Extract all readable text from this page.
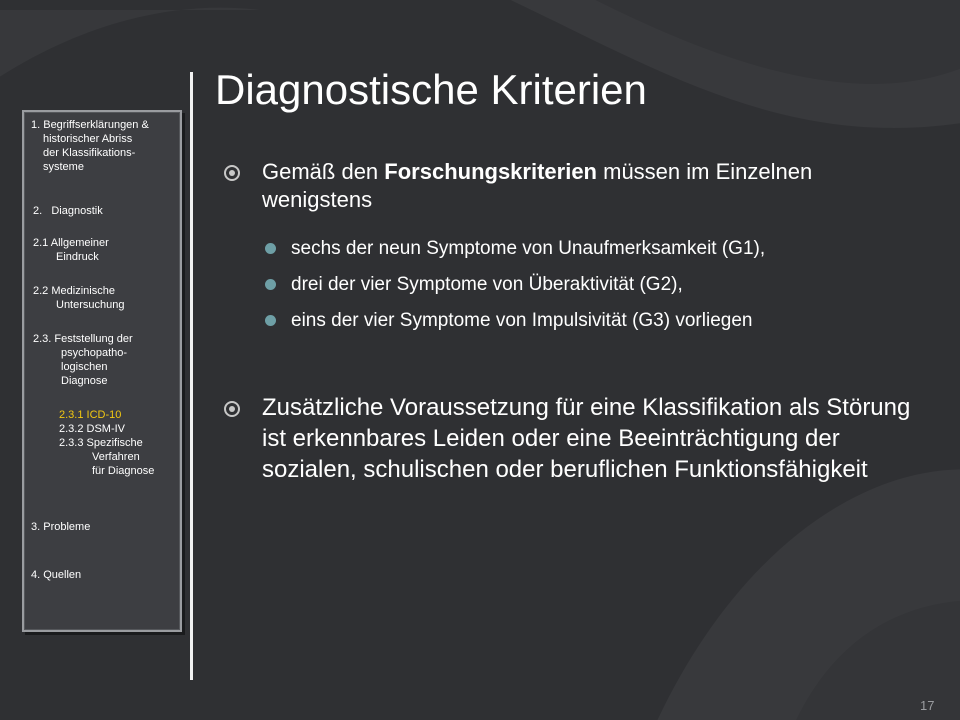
1. Begriffserklärungen &
historischer Abriss
der Klassifikations-
systeme
2.   Diagnostik
2.1 Allgemeiner
Eindruck
2.2 Medizinische
Untersuchung
2.3. Feststellung der
psychopatho-
logischen
Diagnose
2.3.1 ICD-10
2.3.2 DSM-IV
2.3.3 Spezifische
Verfahren
für Diagnose
3. Probleme
4. Quellen
Diagnostische Kriterien
Gemäß den Forschungskriterien müssen im Einzelnen wenigstens
sechs der neun Symptome von Unaufmerksamkeit (G1),
drei der vier Symptome von Überaktivität (G2),
eins der vier Symptome von Impulsivität (G3) vorliegen
Zusätzliche Voraussetzung für eine Klassifikation als Störung ist erkennbares Leiden oder eine Beeinträchtigung der sozialen, schulischen oder beruflichen Funktionsfähigkeit
17
